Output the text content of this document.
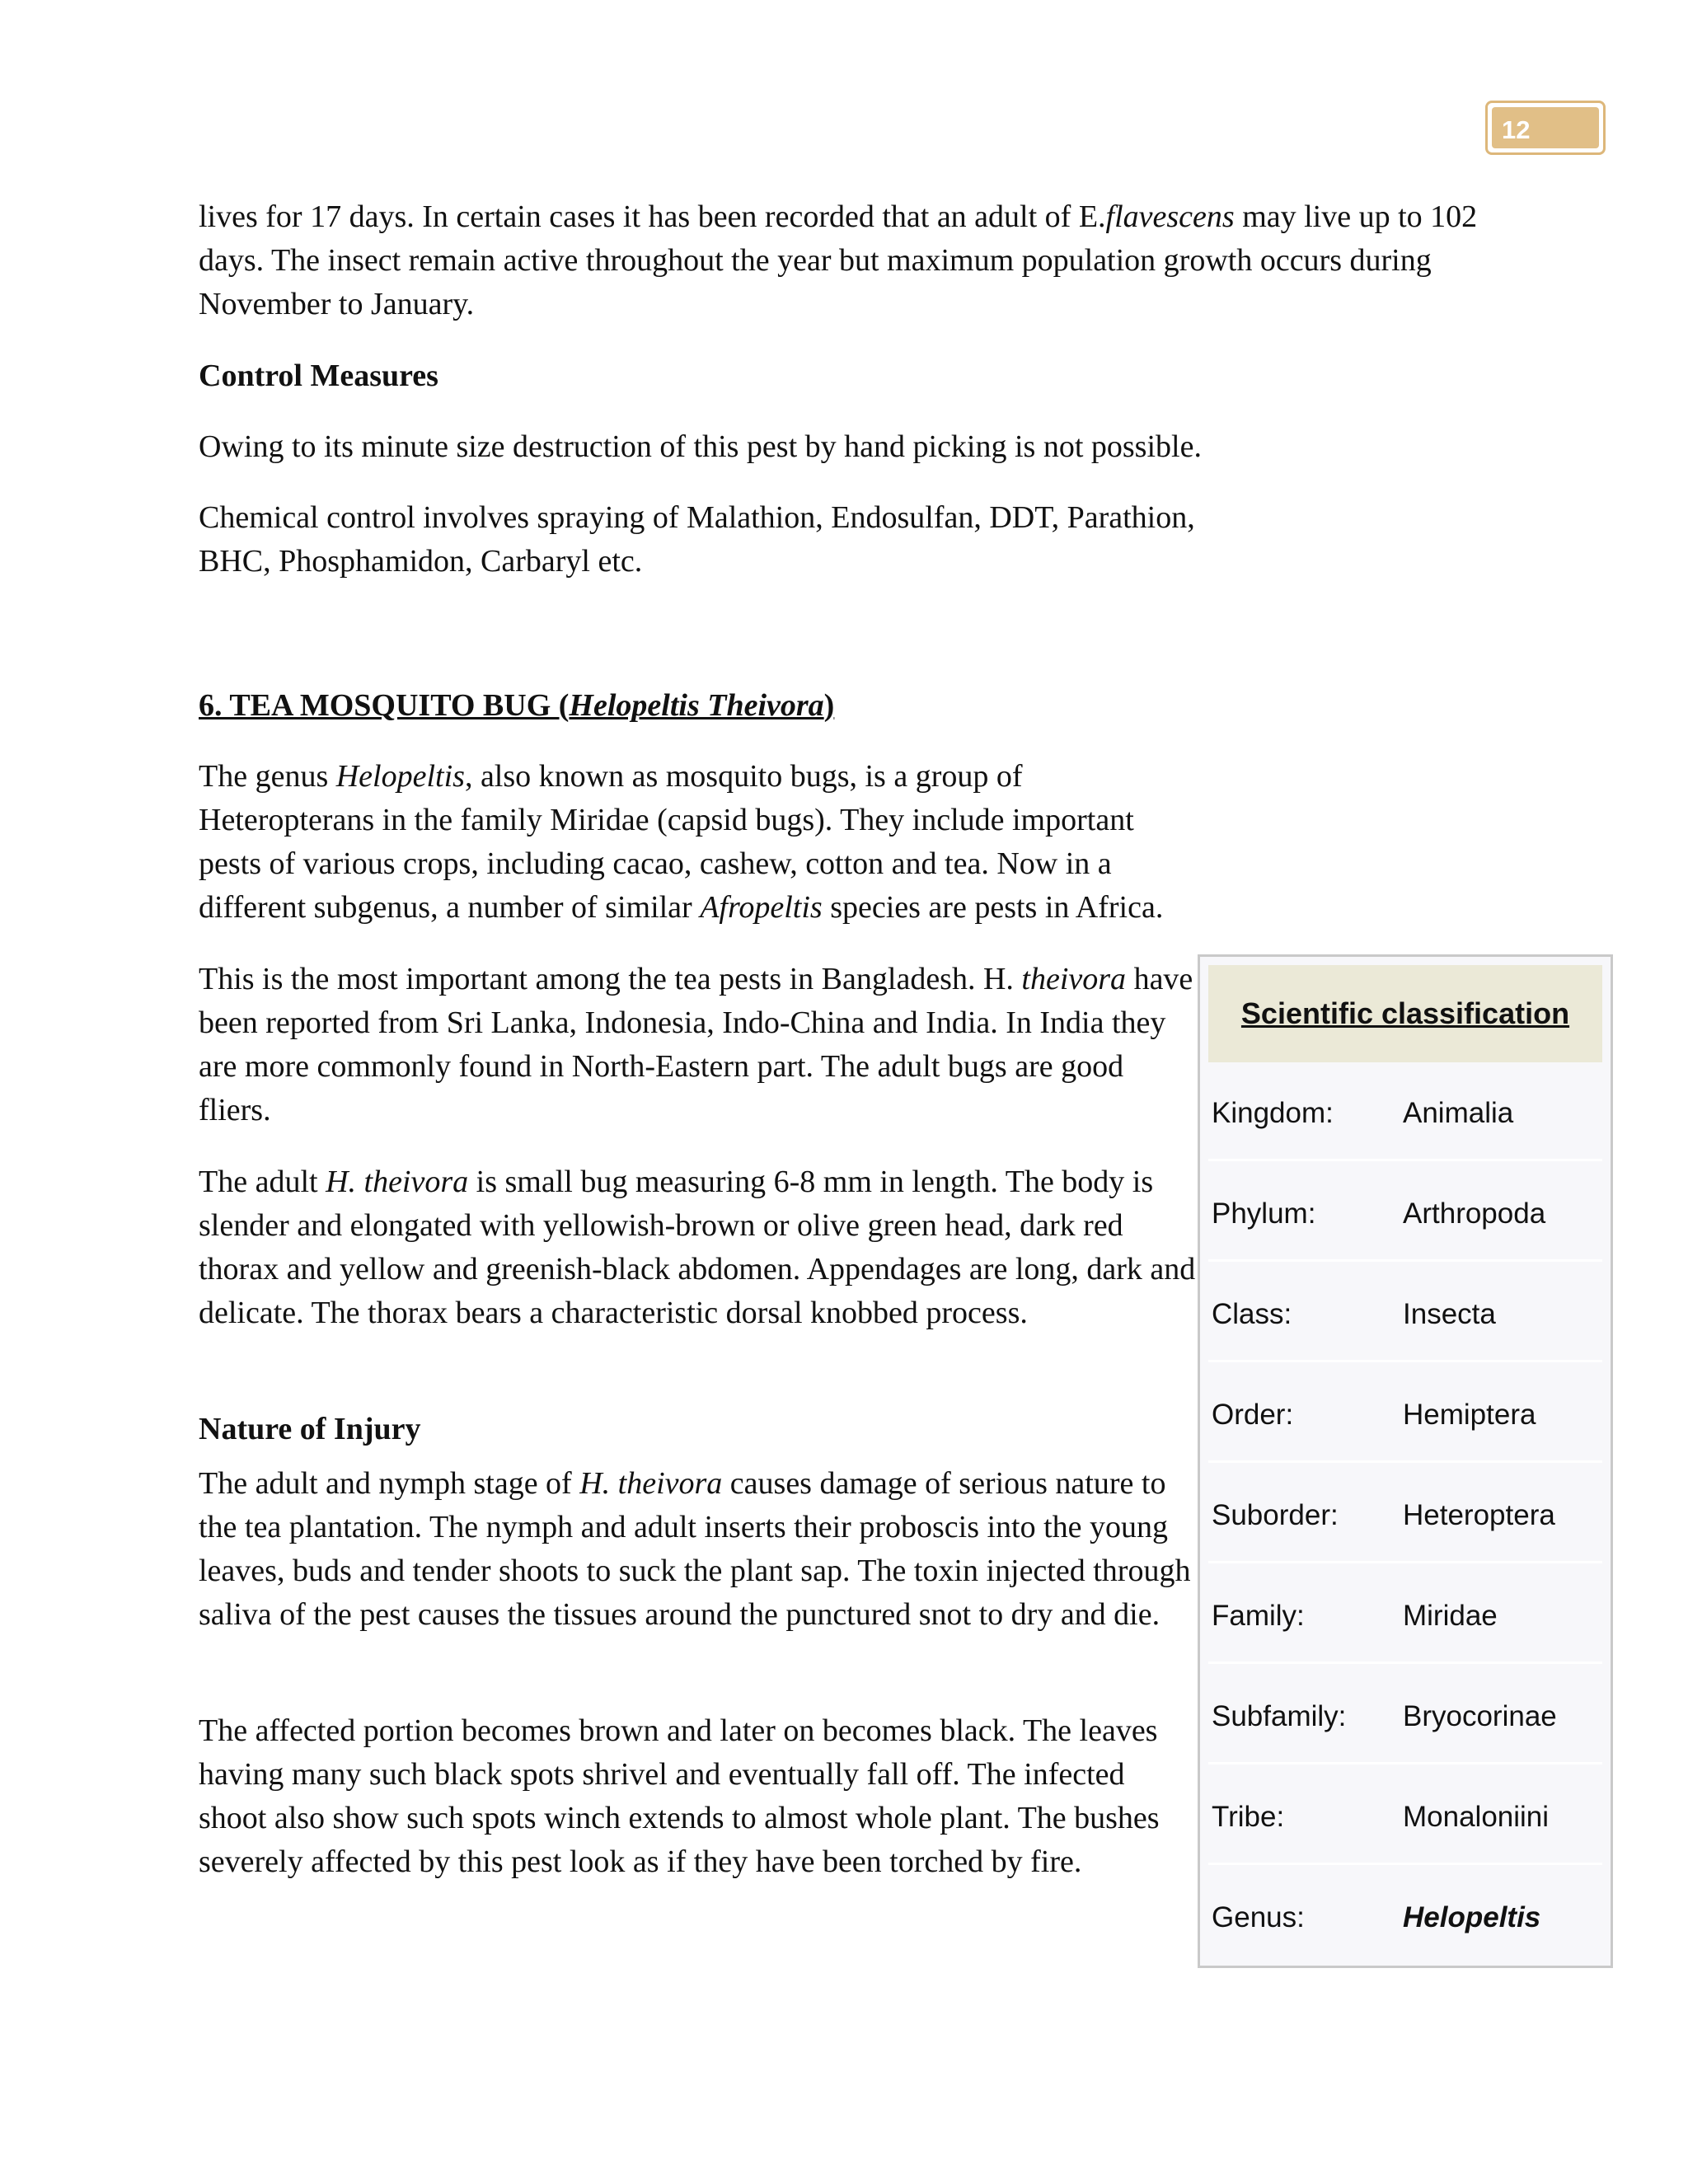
12

lives for 17 days. In certain cases it has been recorded that an adult of E.flavescens may live up to 102 days. The insect remain active throughout the year but maximum population growth occurs during November to January.

Control Measures

Owing to its minute size destruction of this pest by hand picking is not possible.

Chemical control involves spraying of Malathion, Endosulfan, DDT, Parathion, BHC, Phosphamidon, Carbaryl etc.

6. TEA MOSQUITO BUG (Helopeltis Theivora)

The genus Helopeltis, also known as mosquito bugs, is a group of Heteropterans in the family Miridae (capsid bugs). They include important pests of various crops, including cacao, cashew, cotton and tea. Now in a different subgenus, a number of similar Afropeltis species are pests in Africa.

This is the most important among the tea pests in Bangladesh. H. theivora have been reported from Sri Lanka, Indonesia, Indo-China and India. In India they are more commonly found in North-Eastern part. The adult bugs are good fliers.

The adult H. theivora is small bug measuring 6-8 mm in length. The body is slender and elongated with yellowish-brown or olive green head, dark red thorax and yellow and greenish-black abdomen. Appendages are long, dark and delicate. The thorax bears a characteristic dorsal knobbed process.

Nature of Injury

The adult and nymph stage of H. theivora causes damage of serious nature to the tea plantation. The nymph and adult inserts their proboscis into the young leaves, buds and tender shoots to suck the plant sap. The toxin injected through saliva of the pest causes the tissues around the punctured snot to dry and die.

The affected portion becomes brown and later on becomes black. The leaves having many such black spots shrivel and eventually fall off. The infected shoot also show such spots winch extends to almost whole plant. The bushes severely affected by this pest look as if they have been torched by fire.

Scientific classification
Kingdom: Animalia
Phylum:	Arthropoda
Class:	Insecta
Order:	Hemiptera
Suborder: Heteroptera
Family:	Miridae
Subfamily: Bryocorinae
Tribe:	Monaloniini
Genus:	Helopeltis
